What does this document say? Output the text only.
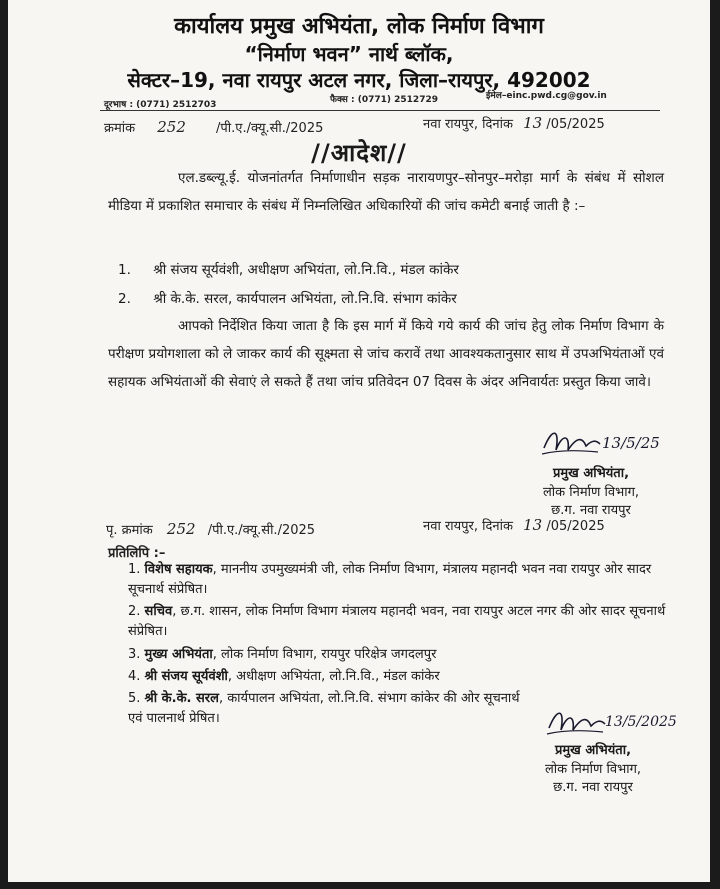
कार्यालय प्रमुख अभियंता, लोक निर्माण विभाग
“निर्माण भवन” नार्थ ब्लॉक,
सेक्टर–19, नवा रायपुर अटल नगर, जिला–रायपुर, 492002
दूरभाष : (0771) 2512703	फैक्स : (0771) 2512729	ईमेल–einc.pwd.cg@gov.in
क्रमांक 252 /पी.ए./क्यू.सी./2025	नवा रायपुर, दिनांक 13 /05/2025
//आदेश//
एल.डब्ल्यू.ई. योजनांतर्गत निर्माणाधीन सड़क नारायणपुर–सोनपुर–मरोड़ा मार्ग के संबंध में सोशल मीडिया में प्रकाशित समाचार के संबंध में निम्नलिखित अधिकारियों की जांच कमेटी बनाई जाती है :–
1. श्री संजय सूर्यवंशी, अधीक्षण अभियंता, लो.नि.वि., मंडल कांकेर
2. श्री के.के. सरल, कार्यपालन अभियंता, लो.नि.वि. संभाग कांकेर
आपको निर्देशित किया जाता है कि इस मार्ग में किये गये कार्य की जांच हेतु लोक निर्माण विभाग के परीक्षण प्रयोगशाला को ले जाकर कार्य की सूक्ष्मता से जांच करावें तथा आवश्यकतानुसार साथ में उपअभियंताओं एवं सहायक अभियंताओं की सेवाएं ले सकते हैं तथा जांच प्रतिवेदन 07 दिवस के अंदर अनिवार्यतः प्रस्तुत किया जावे।
13/5/25
प्रमुख अभियंता,
लोक निर्माण विभाग,
छ.ग. नवा रायपुर
पृ. क्रमांक 252 /पी.ए./क्यू.सी./2025	नवा रायपुर, दिनांक 13 /05/2025
प्रतिलिपि :–
1. विशेष सहायक, माननीय उपमुख्यमंत्री जी, लोक निर्माण विभाग, मंत्रालय महानदी भवन नवा रायपुर ओर सादर सूचनार्थ संप्रेषित।
2. सचिव, छ.ग. शासन, लोक निर्माण विभाग मंत्रालय महानदी भवन, नवा रायपुर अटल नगर की ओर सादर सूचनार्थ संप्रेषित।
3. मुख्य अभियंता, लोक निर्माण विभाग, रायपुर परिक्षेत्र जगदलपुर
4. श्री संजय सूर्यवंशी, अधीक्षण अभियंता, लो.नि.वि., मंडल कांकेर
5. श्री के.के. सरल, कार्यपालन अभियंता, लो.नि.वि. संभाग कांकेर की ओर सूचनार्थ एवं पालनार्थ प्रेषित।	13/5/2025
प्रमुख अभियंता,
लोक निर्माण विभाग,
छ.ग. नवा रायपुर
